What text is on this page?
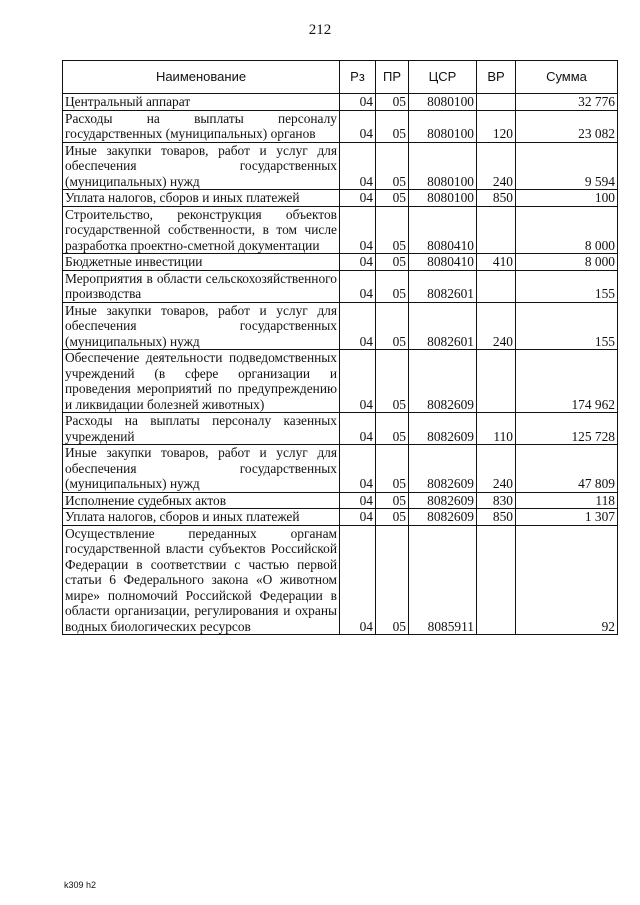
212
Наименование	Рз	ПР	ЦСР	ВР	Сумма
Центральный аппарат	04	05	8080100		32 776
Расходы на выплаты персоналу государственных (муниципальных) органов	04	05	8080100	120	23 082
Иные закупки товаров, работ и услуг для обеспечения государственных (муниципальных) нужд	04	05	8080100	240	9 594
Уплата налогов, сборов и иных платежей	04	05	8080100	850	100
Строительство, реконструкция объектов государственной собственности, в том числе разработка проектно-сметной документации	04	05	8080410		8 000
Бюджетные инвестиции	04	05	8080410	410	8 000
Мероприятия в области сельскохозяйственного производства	04	05	8082601		155
Иные закупки товаров, работ и услуг для обеспечения государственных (муниципальных) нужд	04	05	8082601	240	155
Обеспечение деятельности подведомственных учреждений (в сфере организации и проведения мероприятий по предупреждению и ликвидации болезней животных)	04	05	8082609		174 962
Расходы на выплаты персоналу казенных учреждений	04	05	8082609	110	125 728
Иные закупки товаров, работ и услуг для обеспечения государственных (муниципальных) нужд	04	05	8082609	240	47 809
Исполнение судебных актов	04	05	8082609	830	118
Уплата налогов, сборов и иных платежей	04	05	8082609	850	1 307
Осуществление переданных органам государственной власти субъектов Российской Федерации в соответствии с частью первой статьи 6 Федерального закона «О животном мире» полномочий Российской Федерации в области организации, регулирования и охраны водных биологических ресурсов	04	05	8085911		92
k309 h2
